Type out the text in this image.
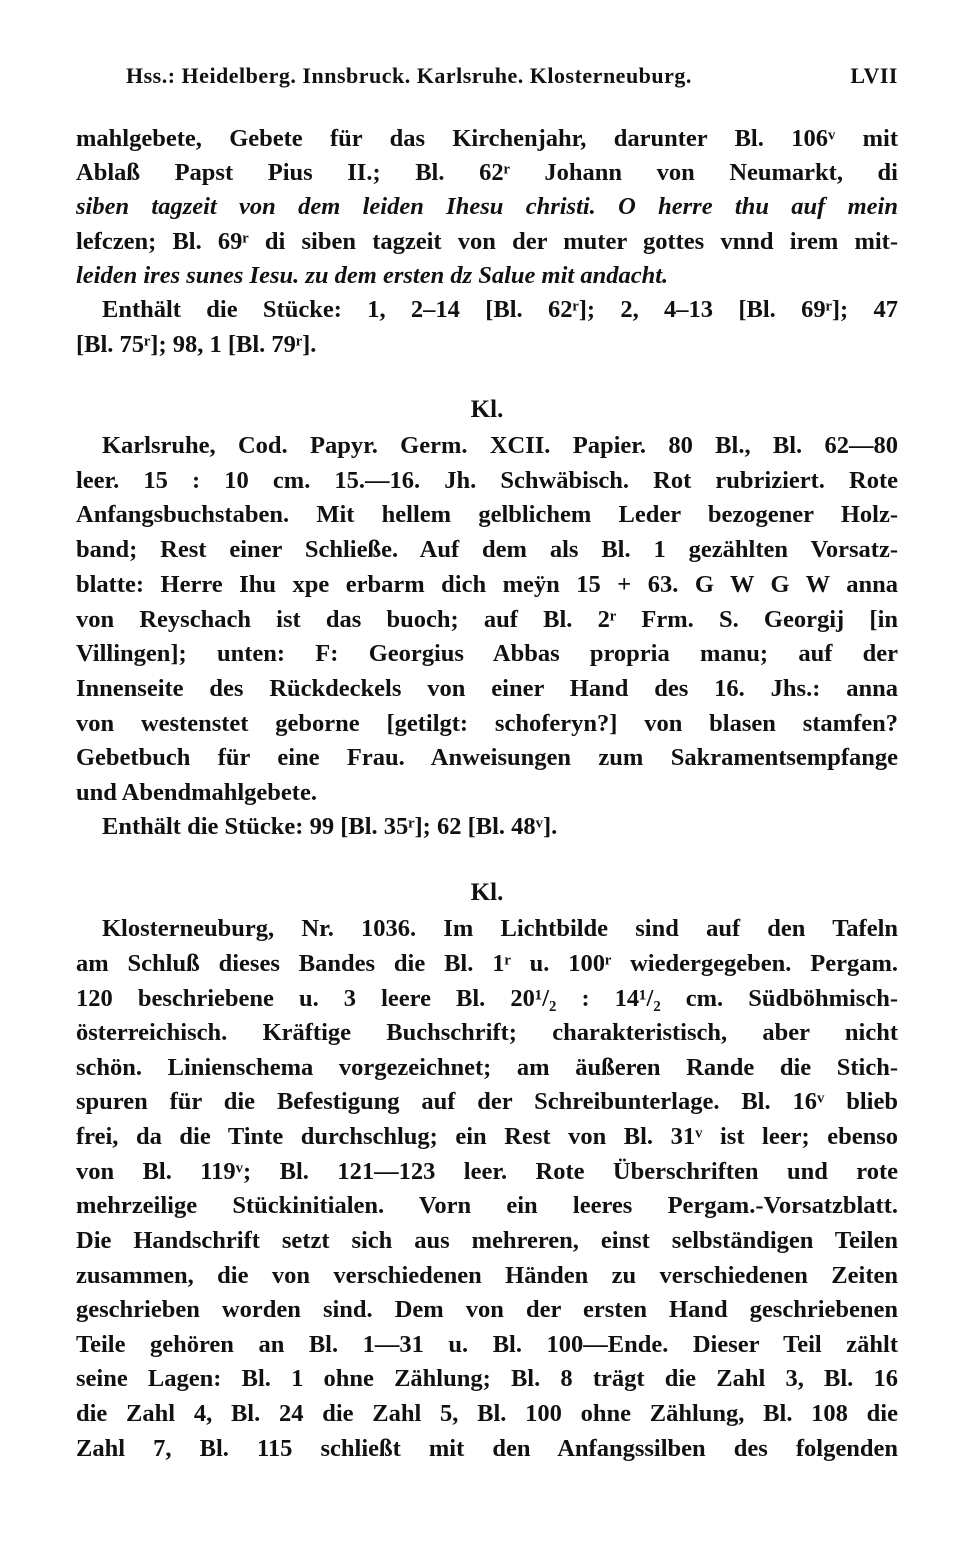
Hss.: Heidelberg. Innsbruck. Karlsruhe. Klosterneuburg.	LVII
mahlgebete, Gebete für das Kirchenjahr, darunter Bl. 106ᵛ mit
Ablaß Papst Pius II.; Bl. 62ʳ Johann von Neumarkt, di
siben tagzeit von dem leiden Ihesu christi. O herre thu auf mein
lefczen; Bl. 69ʳ di siben tagzeit von der muter gottes vnnd irem mit-
leiden ires sunes Iesu. zu dem ersten dz Salue mit andacht.
Enthält die Stücke: 1, 2–14 [Bl. 62ʳ]; 2, 4–13 [Bl. 69ʳ]; 47
[Bl. 75ʳ]; 98, 1 [Bl. 79ʳ].
Kl.
Karlsruhe, Cod. Papyr. Germ. XCII. Papier. 80 Bl., Bl. 62—80
leer. 15 : 10 cm. 15.—16. Jh. Schwäbisch. Rot rubriziert. Rote
Anfangsbuchstaben. Mit hellem gelblichem Leder bezogener Holz-
band; Rest einer Schließe. Auf dem als Bl. 1 gezählten Vorsatz-
blatte: Herre Ihu xpe erbarm dich meÿn 15 + 63. G W G W anna
von Reyschach ist das buoch; auf Bl. 2ʳ Frm. S. Georgij [in
Villingen]; unten: F: Georgius Abbas propria manu; auf der
Innenseite des Rückdeckels von einer Hand des 16. Jhs.: anna
von westenstet geborne [getilgt: schoferyn?] von blasen stamfen?
Gebetbuch für eine Frau. Anweisungen zum Sakramentsempfange
und Abendmahlgebete.
Enthält die Stücke: 99 [Bl. 35ʳ]; 62 [Bl. 48ᵛ].
Kl.
Klosterneuburg, Nr. 1036. Im Lichtbilde sind auf den Tafeln
am Schluß dieses Bandes die Bl. 1ʳ u. 100ʳ wiedergegeben. Pergam.
120 beschriebene u. 3 leere Bl. 20¹/₂ : 14¹/₂ cm. Südböhmisch-
österreichisch. Kräftige Buchschrift; charakteristisch, aber nicht
schön. Linienschema vorgezeichnet; am äußeren Rande die Stich-
spuren für die Befestigung auf der Schreibunterlage. Bl. 16ᵛ blieb
frei, da die Tinte durchschlug; ein Rest von Bl. 31ᵛ ist leer; ebenso
von Bl. 119ᵛ; Bl. 121—123 leer. Rote Überschriften und rote
mehrzeilige Stückinitialen. Vorn ein leeres Pergam.-Vorsatzblatt.
Die Handschrift setzt sich aus mehreren, einst selbständigen Teilen
zusammen, die von verschiedenen Händen zu verschiedenen Zeiten
geschrieben worden sind. Dem von der ersten Hand geschriebenen
Teile gehören an Bl. 1—31 u. Bl. 100—Ende. Dieser Teil zählt
seine Lagen: Bl. 1 ohne Zählung; Bl. 8 trägt die Zahl 3, Bl. 16
die Zahl 4, Bl. 24 die Zahl 5, Bl. 100 ohne Zählung, Bl. 108 die
Zahl 7, Bl. 115 schließt mit den Anfangssilben des folgenden
